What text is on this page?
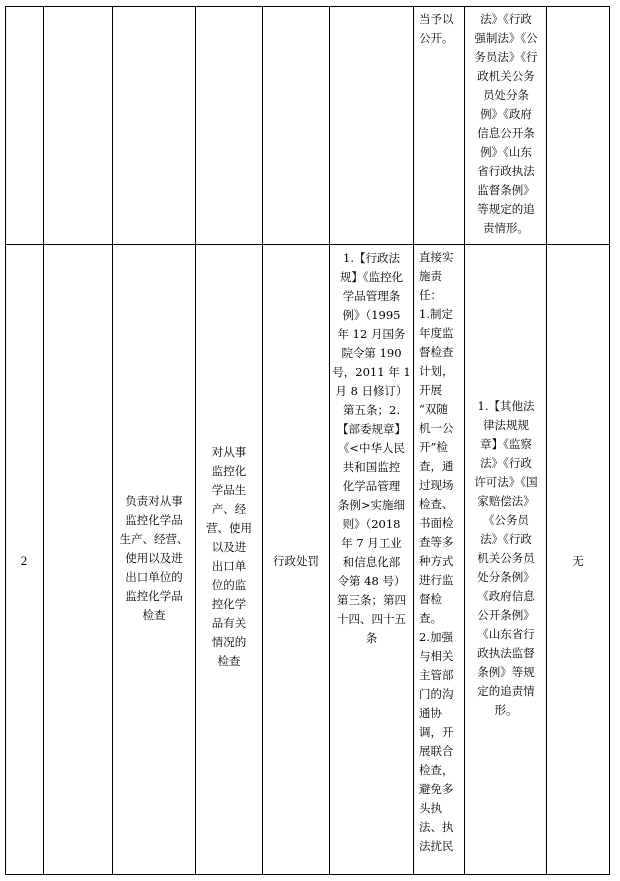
当予以
公开。
法》《行政
强制法》《公
务员法》《行
政机关公务
员处分条
例》《政府
信息公开条
例》《山东
省行政执法
监督条例》
等规定的追
责情形。
2
负责对从事
监控化学品
生产、经营、
使用以及进
出口单位的
监控化学品
检查
对从事
监控化
学品生
产、经
营、使用
以及进
出口单
位的监
控化学
品有关
情况的
检查
行政处罚
1.【行政法
规】《监控化
学品管理条
例》（1995
年 12 月国务
院令第 190
号，2011 年 1
月 8 日修订）
第五条；2.
【部委规章】
《<中华人民
共和国监控
化学品管理
条例>实施细
则》（2018
年 7 月工业
和信息化部
令第 48 号）
第三条；第四
十四、四十五
条
直接实
施责
任：
1.制定
年度监
督检查
计划，
开展
“双随
机一公
开”检
查，通
过现场
检查、
书面检
查等多
种方式
进行监
督检
查。
2.加强
与相关
主管部
门的沟
通协
调，开
展联合
检查，
避免多
头执
法、执
法扰民
1.【其他法
律法规规
章】《监察
法》《行政
许可法》《国
家赔偿法》
《公务员
法》《行政
机关公务员
处分条例》
《政府信息
公开条例》
《山东省行
政执法监督
条例》等规
定的追责情
形。
无
